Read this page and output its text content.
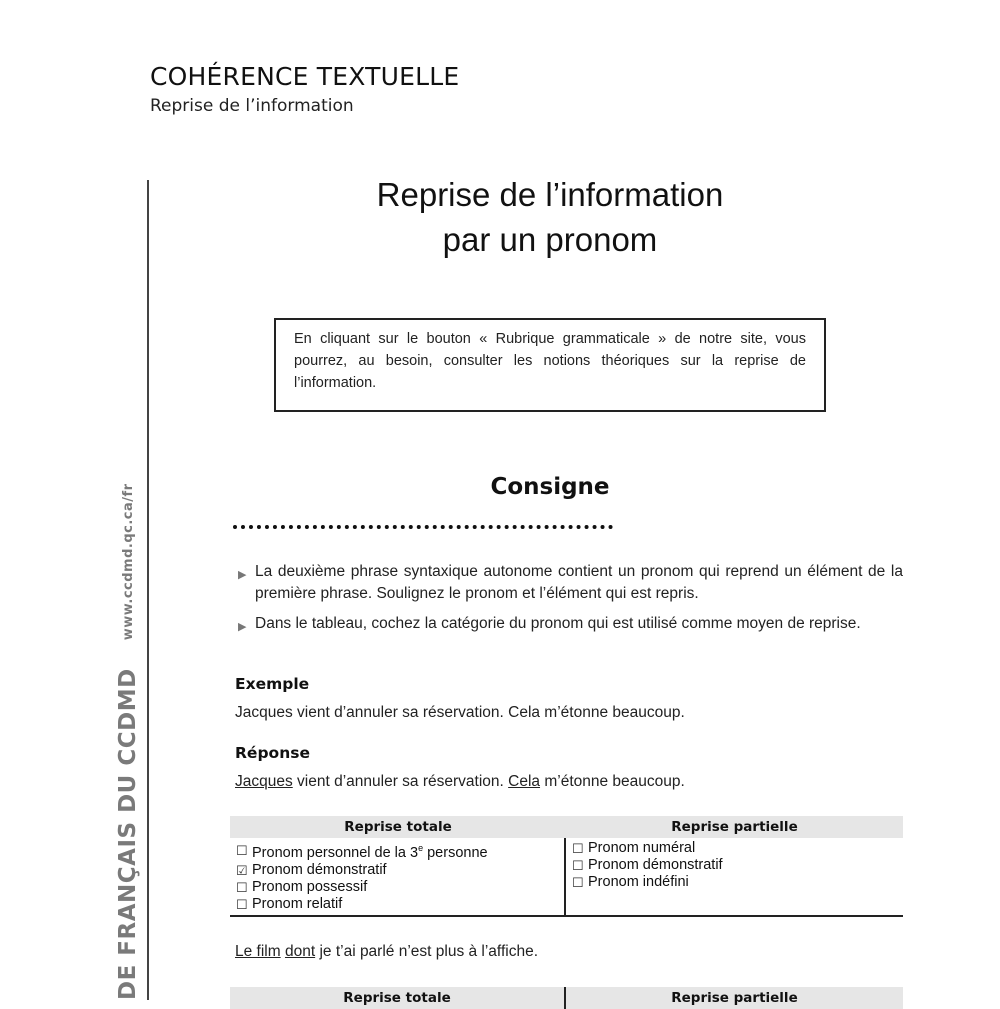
COHÉRENCE TEXTUELLE
Reprise de l’information
DE FRANÇAIS DU CCDMD
www.ccdmd.qc.ca/fr
Reprise de l’information
par un pronom
En cliquant sur le bouton « Rubrique grammaticale » de notre site, vous pourrez, au besoin, consulter les notions théoriques sur la reprise de l’information.
Consigne
▶ La deuxième phrase syntaxique autonome contient un pronom qui reprend un élément de la première phrase. Soulignez le pronom et l’élément qui est repris.
▶ Dans le tableau, cochez la catégorie du pronom qui est utilisé comme moyen de reprise.
Exemple
Jacques vient d’annuler sa réservation. Cela m’étonne beaucoup.
Réponse
Jacques vient d’annuler sa réservation. Cela m’étonne beaucoup.
Reprise totale	Reprise partielle
☐ Pronom personnel de la 3e personne
☑ Pronom démonstratif
☐ Pronom possessif
☐ Pronom relatif
☐ Pronom numéral
☐ Pronom démonstratif
☐ Pronom indéfini
Le film dont je t’ai parlé n’est plus à l’affiche.
Reprise totale	Reprise partielle
